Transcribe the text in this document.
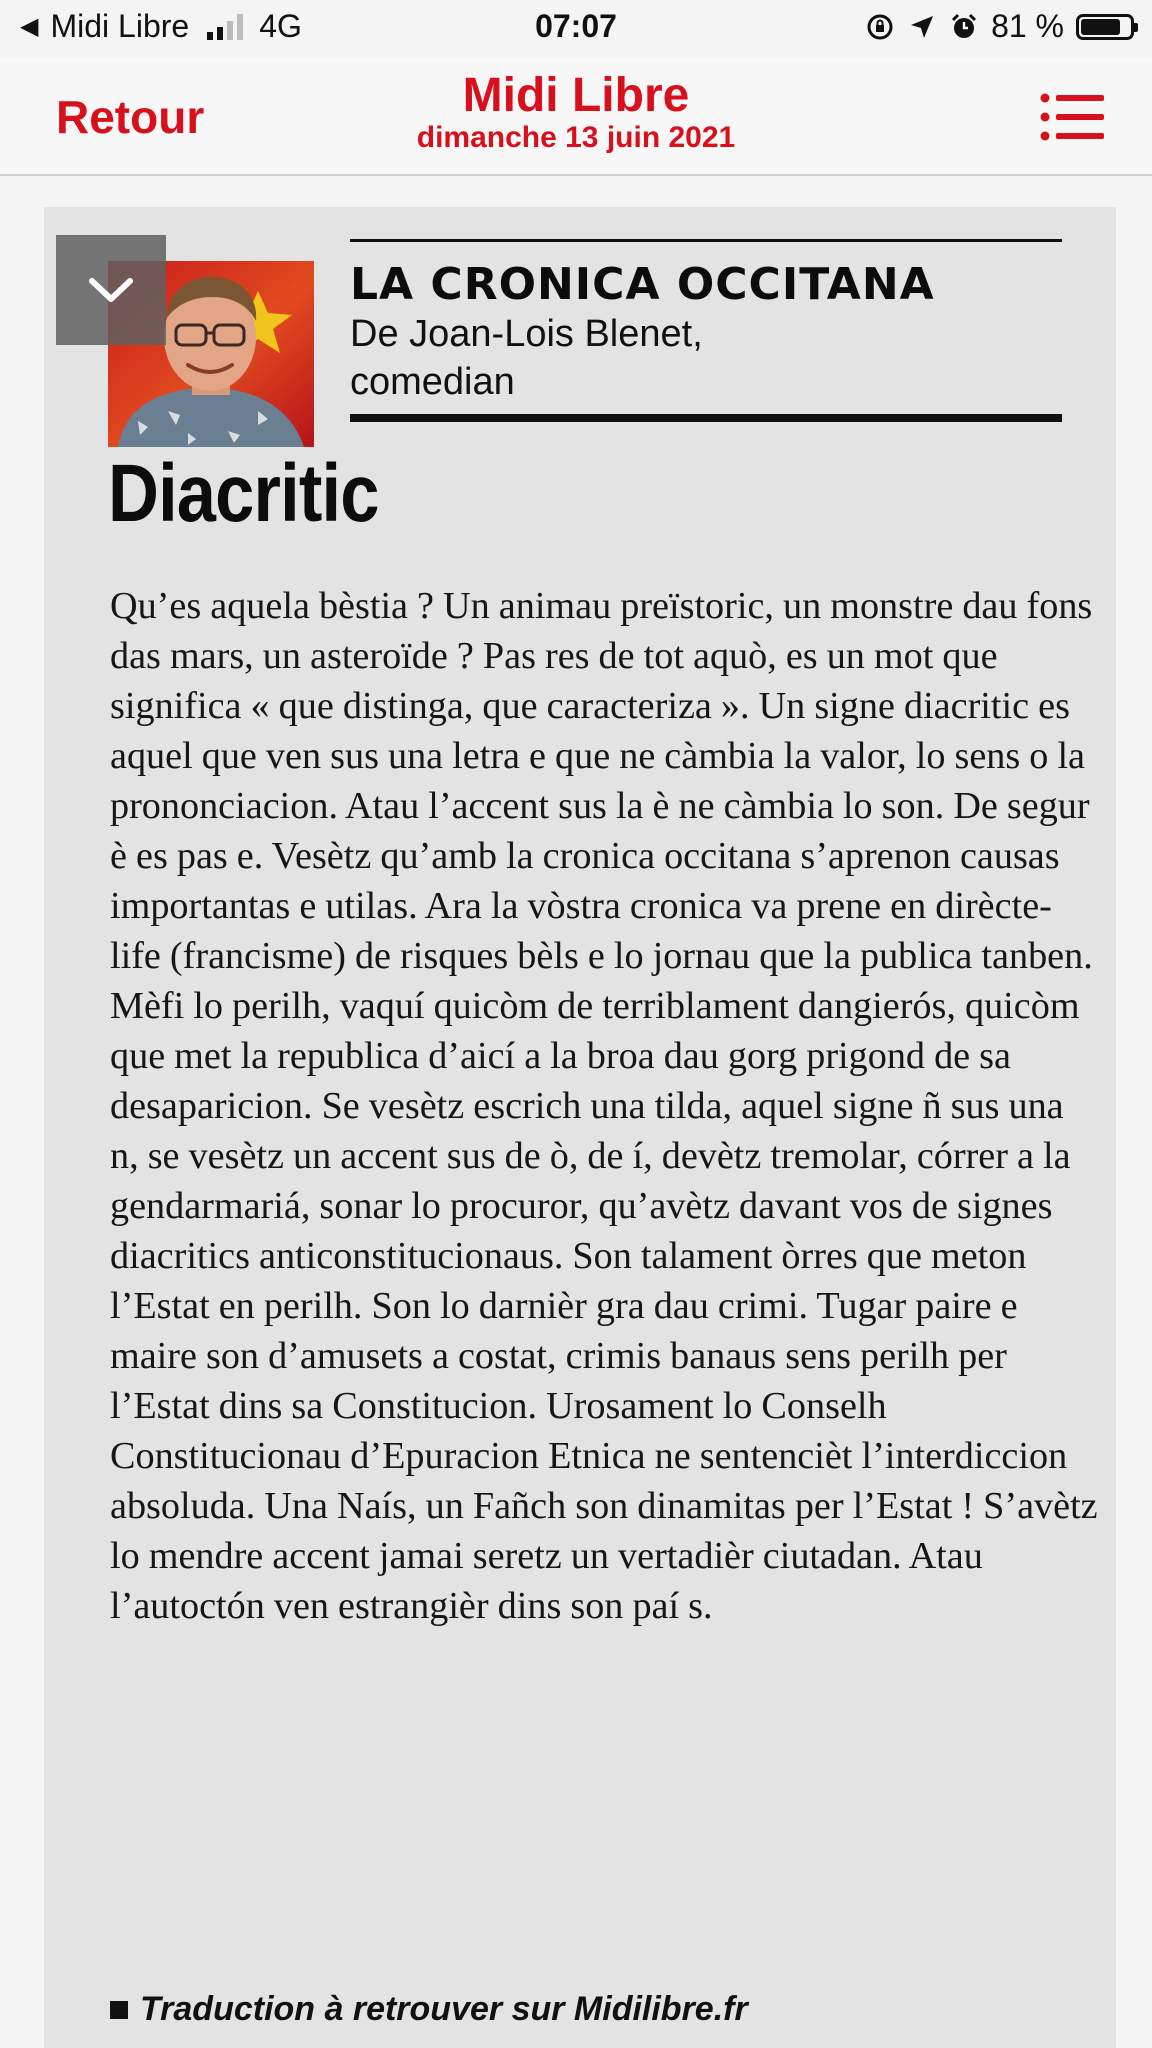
◀ Midi Libre 4G	07:07	81 %
Retour	Midi Libre
dimanche 13 juin 2021
LA CRONICA OCCITANA
De Joan-Lois Blenet,
comedian
Diacritic
Qu’es aquela bèstia ? Un animau preïstoric, un monstre dau fons das mars, un asteroïde ? Pas res de tot aquò, es un mot que significa « que distinga, que caracteriza ». Un signe diacritic es aquel que ven sus una letra e que ne càmbia la valor, lo sens o la prononciacion. Atau l’accent sus la è ne càmbia lo son. De segur è es pas e. Vesètz qu’amb la cronica occitana s’aprenon causas importantas e utilas. Ara la vòstra cronica va prene en dirècte-life (francisme) de risques bèls e lo jornau que la publica tanben. Mèfi lo perilh, vaquí quicòm de terriblament dangierós, quicòm que met la republica d’aicí a la broa dau gorg prigond de sa desaparicion. Se vesètz escrich una tilda, aquel signe ñ sus una n, se vesètz un accent sus de ò, de í, devètz tremolar, córrer a la gendarmariá, sonar lo procuror, qu’avètz davant vos de signes diacritics anticonstitucionaus. Son talament òrres que meton l’Estat en perilh. Son lo darnièr gra dau crimi. Tugar paire e maire son d’amusets a costat, crimis banaus sens perilh per l’Estat dins sa Constitucion. Urosament lo Conselh Constitucionau d’Epuracion Etnica ne sentencièt l’interdiccion absoluda. Una Naís, un Fañch son dinamitas per l’Estat ! S’avètz lo mendre accent jamai seretz un vertadièr ciutadan. Atau l’autoctón ven estrangièr dins son paí s.
Traduction à retrouver sur Midilibre.fr
